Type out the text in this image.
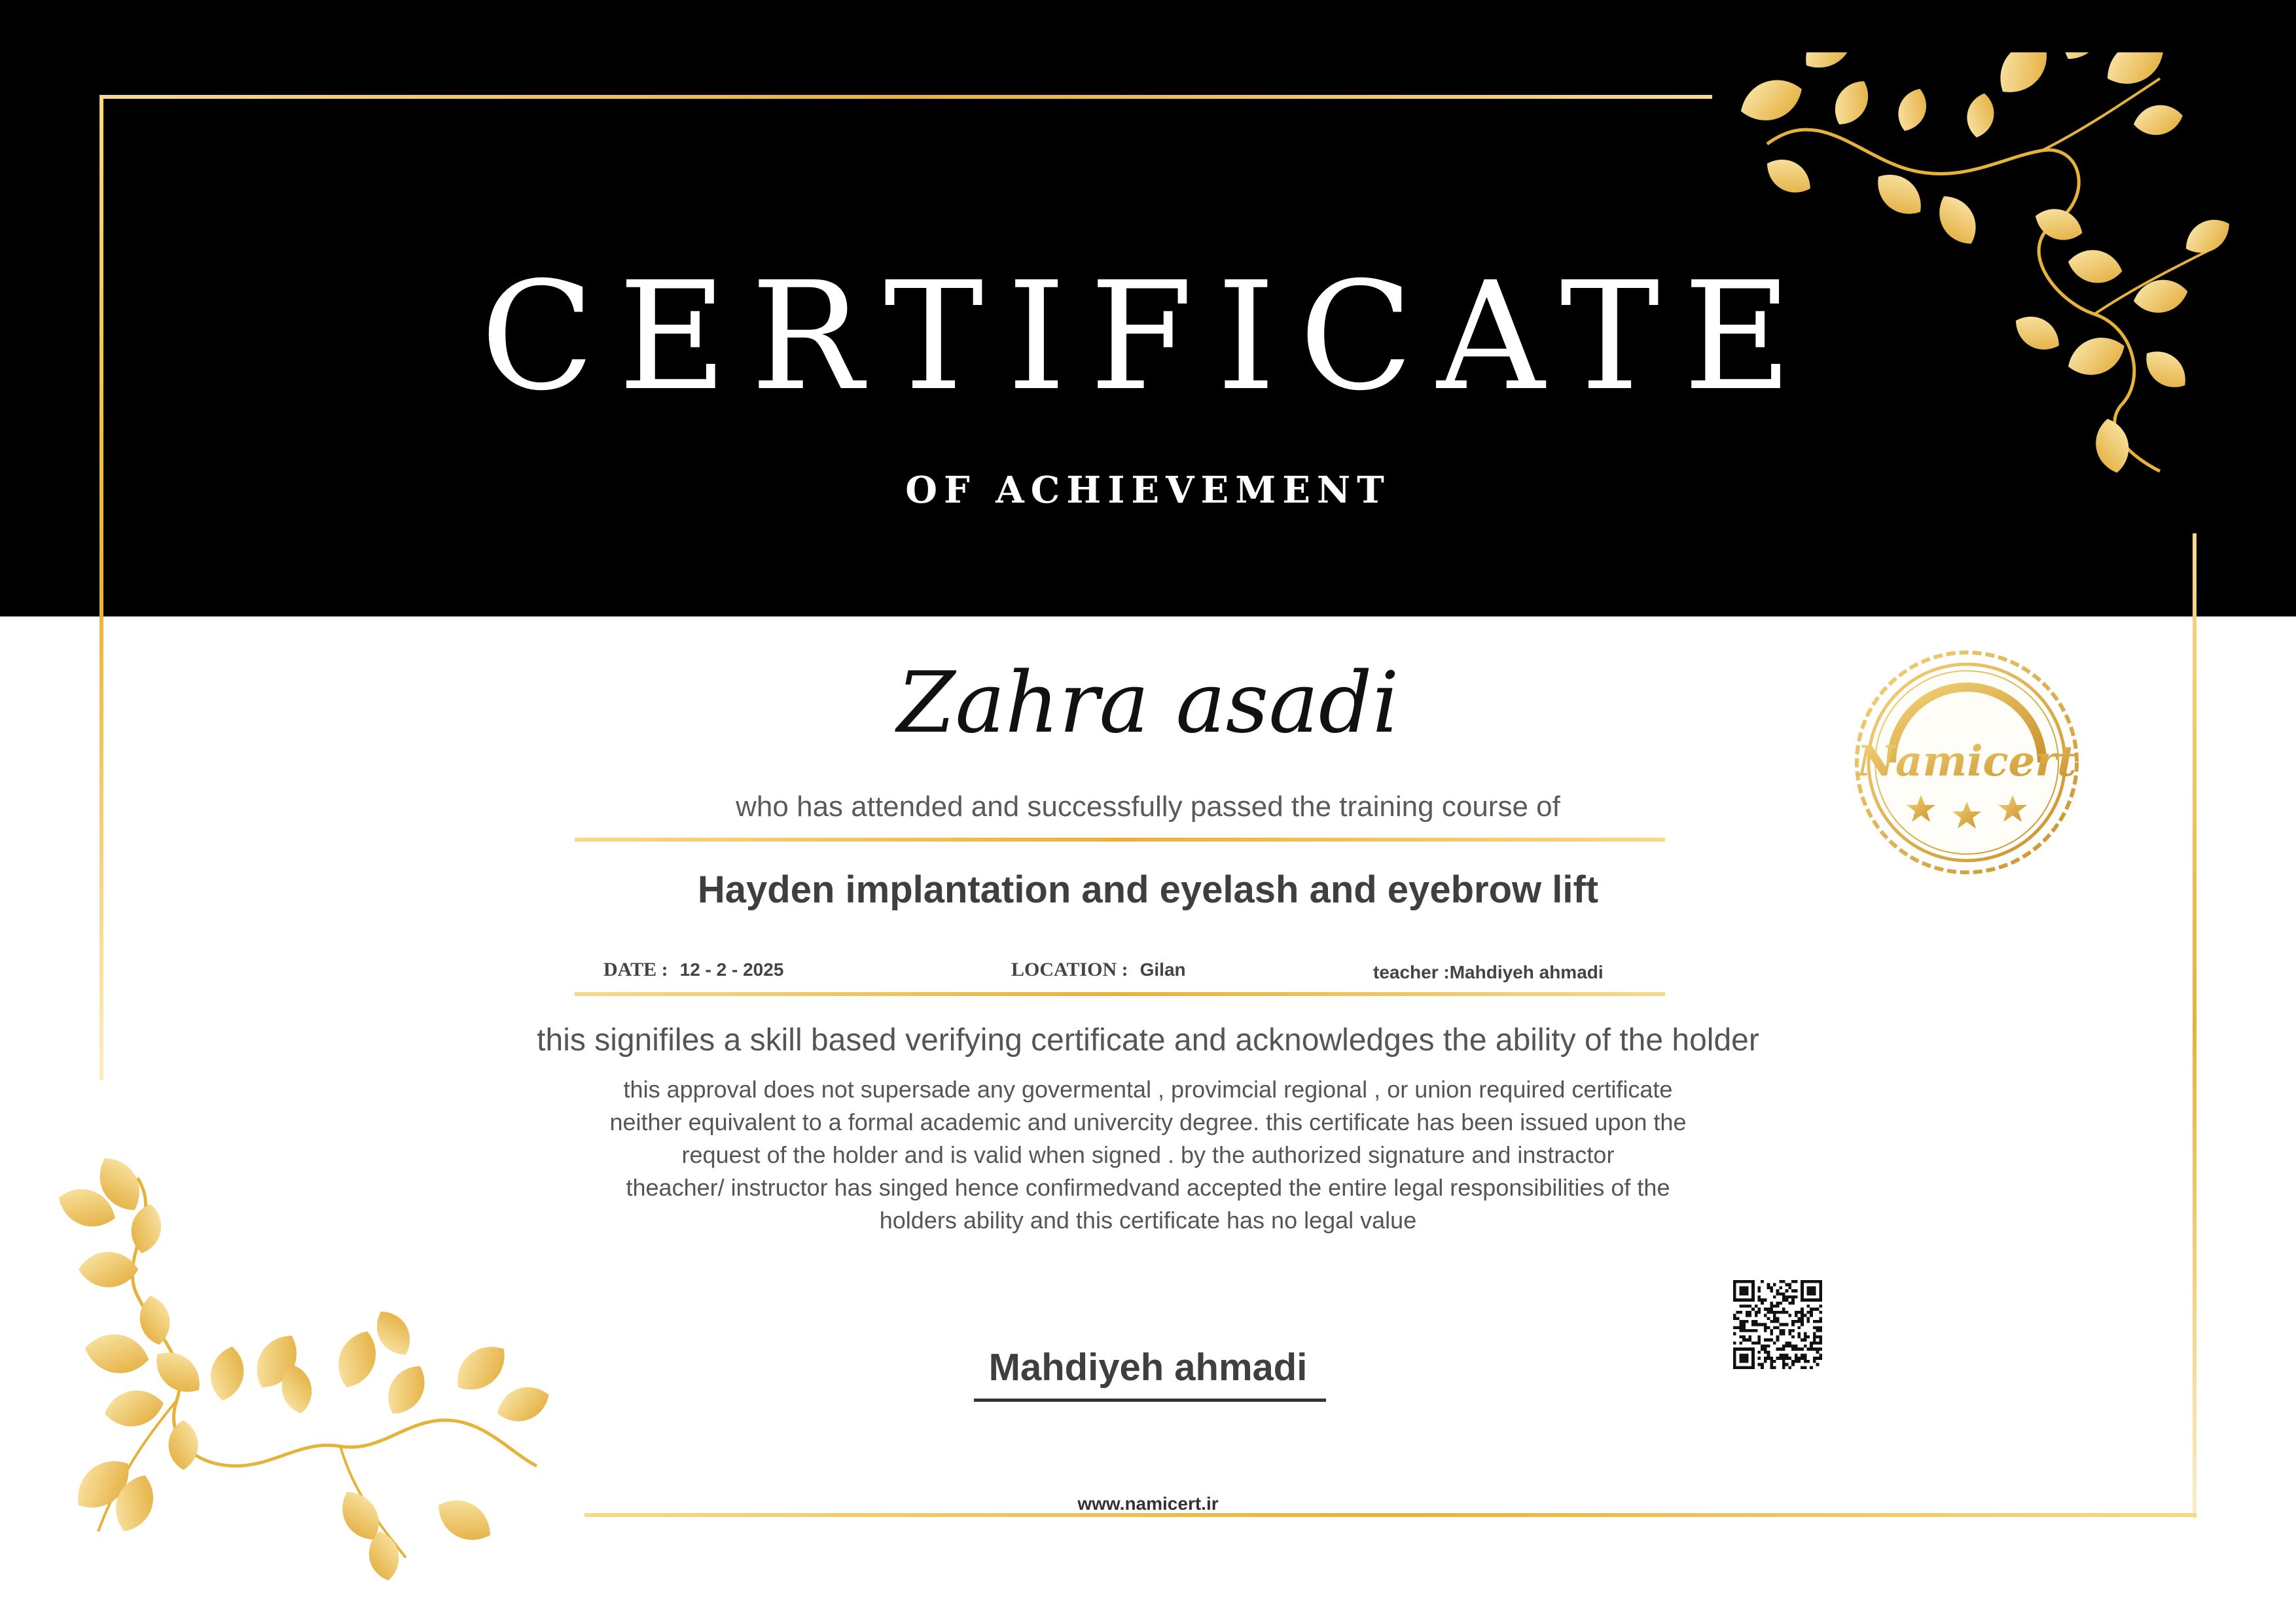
CERTIFICATE
OF ACHIEVEMENT
Zahra asadi
who has attended and successfully passed the training course of
Hayden implantation and eyelash and eyebrow lift
DATE : 12 - 2 - 2025	LOCATION : Gilan	teacher :Mahdiyeh ahmadi
this signifiles a skill based verifying certificate and acknowledges the ability of the holder
this approval does not supersade any govermental , provimcial regional , or union required certificate
neither equivalent to a formal academic and univercity degree. this certificate has been issued upon the
request of the holder and is valid when signed . by the authorized signature and instractor
theacher/ instructor has singed hence confirmedvand accepted the entire legal responsibilities of the
holders ability and this certificate has no legal value
Mahdiyeh ahmadi
www.namicert.ir
Namicert
